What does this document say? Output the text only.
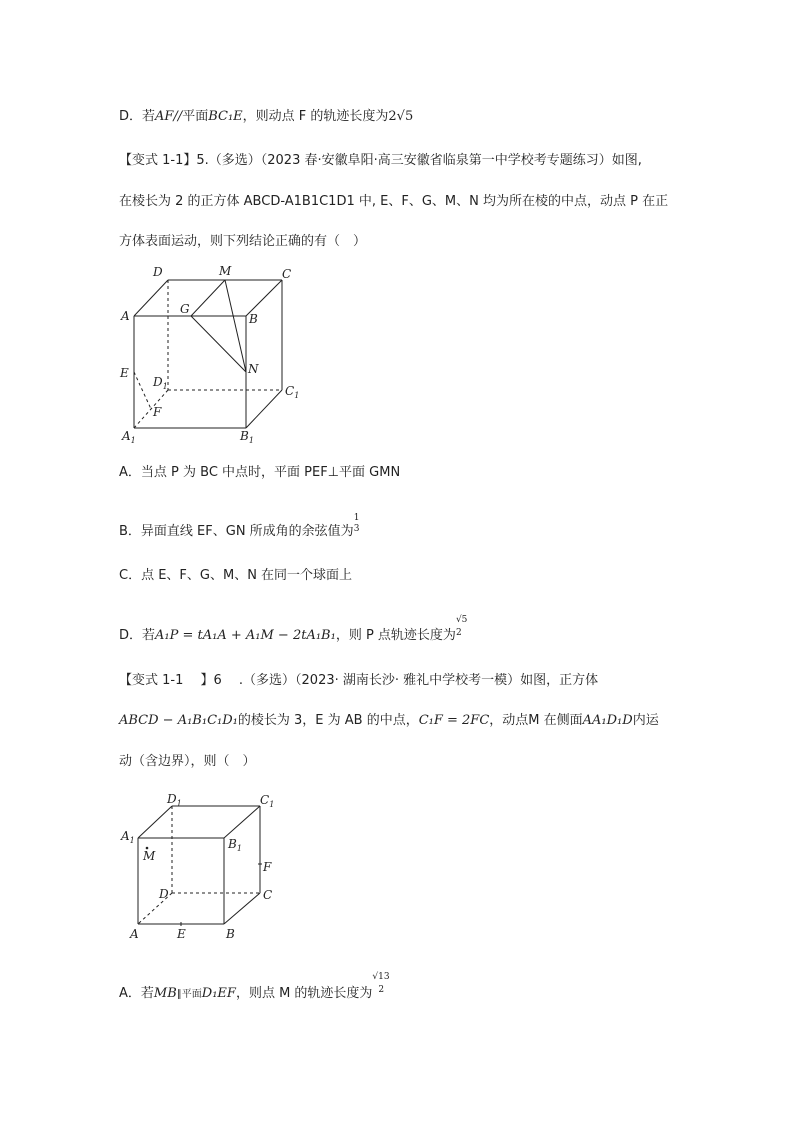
D．若AF//平面BC₁E，则动点 F 的轨迹长度为2√5
【变式 1-1】5.（多选）（2023 春·安徽阜阳·高三安徽省临泉第一中学校考专题练习）如图,
在棱长为 2 的正方体 ABCD-A1B1C1D1 中, E、F、G、M、N 均为所在棱的中点，动点 P 在正
方体表面运动，则下列结论正确的有（　）
D	M	C
A	G
B
N
E
$D_1$	$C_1$
F
$A_1$	$B_1$
A．当点 P 为 BC 中点时，平面 PEF⊥平面 GMN
B．异面直线 EF、GN 所成角的余弦值为
1
3
C．点 E、F、G、M、N 在同一个球面上
D．若A₁P = tA₁A + A₁M − 2tA₁B₁，则 P 点轨迹长度为
√5
2
【变式 1-1 　】6 　.（多选）（2023· 湖南长沙· 雅礼中学校考一模）如图，正方体
ABCD − A₁B₁C₁D₁的棱长为 3，E 为 AB 的中点，C₁F = 2FC，动点M 在侧面AA₁D₁D内运
动（含边界），则（　）
$D_1$	$C_1$
$A_1$	$B_1$
M
F
D	C
A	E	B
A．若MB∥平面D₁EF，则点 M 的轨迹长度为
√13
2
